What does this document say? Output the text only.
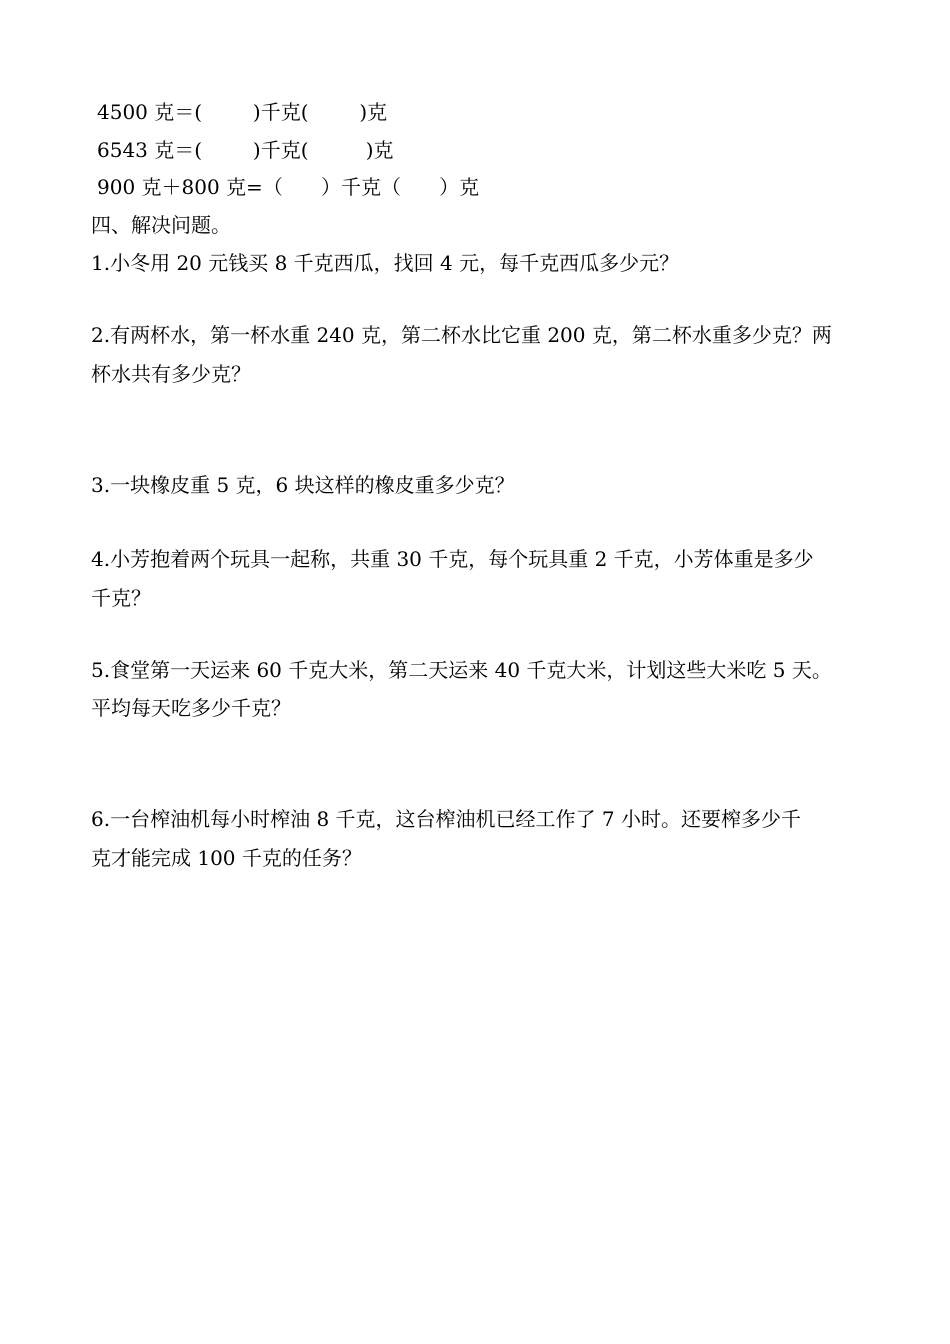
4500 克＝(        )千克(        )克

6543 克＝(        )千克(         )克

900 克＋800 克=（      ）千克（      ）克

四、解决问题。

1.小冬用 20 元钱买 8 千克西瓜，找回 4 元，每千克西瓜多少元？

2.有两杯水，第一杯水重 240 克，第二杯水比它重 200 克，第二杯水重多少克？两

杯水共有多少克？

3.一块橡皮重 5 克，6 块这样的橡皮重多少克？

4.小芳抱着两个玩具一起称，共重 30 千克，每个玩具重 2 千克，小芳体重是多少

千克？

5.食堂第一天运来 60 千克大米，第二天运来 40 千克大米，计划这些大米吃 5 天。

平均每天吃多少千克？

6.一台榨油机每小时榨油 8 千克，这台榨油机已经工作了 7 小时。还要榨多少千

克才能完成 100 千克的任务？
